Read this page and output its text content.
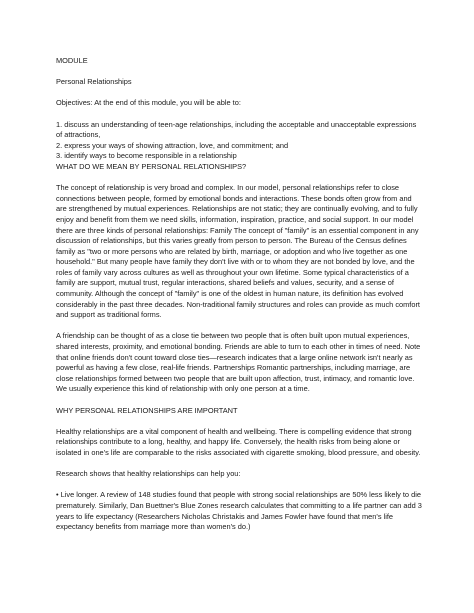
MODULE

Personal Relationships

Objectives: At the end of this module, you will be able to:

1. discuss an understanding of teen-age relationships, including the acceptable and unacceptable expressions of attractions,

2. express your ways of showing attraction, love, and commitment; and

3. identify ways to become responsible in a relationship

WHAT DO WE MEAN BY PERSONAL RELATIONSHIPS?

The concept of relationship is very broad and complex. In our model, personal relationships refer to close connections between people, formed by emotional bonds and interactions. These bonds often grow from and are strengthened by mutual experiences. Relationships are not static; they are continually evolving, and to fully enjoy and benefit from them we need skills, information, inspiration, practice, and social support. In our model there are three kinds of personal relationships: Family The concept of "family" is an essential component in any discussion of relationships, but this varies greatly from person to person. The Bureau of the Census defines family as "two or more persons who are related by birth, marriage, or adoption and who live together as one household." But many people have family they don't live with or to whom they are not bonded by love, and the roles of family vary across cultures as well as throughout your own lifetime. Some typical characteristics of a family are support, mutual trust, regular interactions, shared beliefs and values, security, and a sense of community. Although the concept of "family" is one of the oldest in human nature, its definition has evolved considerably in the past three decades. Non-traditional family structures and roles can provide as much comfort and support as traditional forms.

A friendship can be thought of as a close tie between two people that is often built upon mutual experiences, shared interests, proximity, and emotional bonding. Friends are able to turn to each other in times of need. Note that online friends don't count toward close ties—research indicates that a large online network isn't nearly as powerful as having a few close, real-life friends. Partnerships Romantic partnerships, including marriage, are close relationships formed between two people that are built upon affection, trust, intimacy, and romantic love. We usually experience this kind of relationship with only one person at a time.

WHY PERSONAL RELATIONSHIPS ARE IMPORTANT

Healthy relationships are a vital component of health and wellbeing. There is compelling evidence that strong relationships contribute to a long, healthy, and happy life. Conversely, the health risks from being alone or isolated in one's life are comparable to the risks associated with cigarette smoking, blood pressure, and obesity.

Research shows that healthy relationships can help you:

• Live longer. A review of 148 studies found that people with strong social relationships are 50% less likely to die prematurely. Similarly, Dan Buettner's Blue Zones research calculates that committing to a life partner can add 3 years to life expectancy (Researchers Nicholas Christakis and James Fowler have found that men's life expectancy benefits from marriage more than women's do.)
